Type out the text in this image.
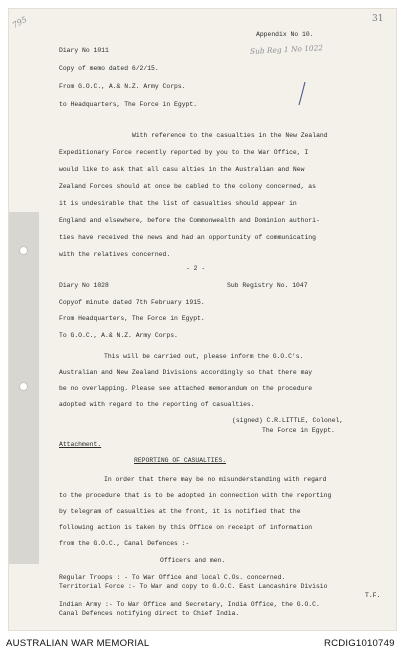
795	31
Sub Reg 1 No 1022
Appendix No 10.
Diary No 1011
Copy of memo dated 6/2/15.
From G.O.C., A.& N.Z. Army Corps.
to Headquarters, The Force in Egypt.
With reference to the casualties in the New Zealand
Expeditionary Force recently reported by you to the War Office, I
would like to ask that all casu alties in the Australian and New
Zealand Forces should at once be cabled to the colony concerned, as
it is undesirable that the list of casualties should appear in
England and elsewhere, before the Commonwealth and Dominion authori-
ties have received the news and had an opportunity of communicating
with the relatives concerned.
- 2 -
Diary No 1028	Sub Registry No. 1047
Copyof minute dated 7th February 1915.
From Headquarters, The Force in Egypt.
To G.O.C., A.& N.Z. Army Corps.
This will be carried out, please inform the G.O.C's.
Australian and New Zealand Divisions accordingly so that there may
be no overlapping. Please see attached memorandum on the procedure
adopted with regard to the reporting of casualties.
(signed) C.R.LITTLE, Colonel,
The Force in Egypt.
Attachment.
REPORTING OF CASUALTIES.
In order that there may be no misunderstanding with regard
to the procedure that is to be adopted in connection with the reporting
by telegram of casualties at the front, it is notified that the
following action is taken by this Office on receipt of information
from the G.O.C., Canal Defences :-
Officers and men.
Regular Troops : - To War Office and local C.Os. concerned.
Territorial Force :- To War and copy to G.O.C. East Lancashire Divisio
T.F.
Indian Army :- To War Office and Secretary, India Office, the G.O.C.
Canal Defences notifying direct to Chief India.
AUSTRALIAN WAR MEMORIAL	RCDIG1010749
